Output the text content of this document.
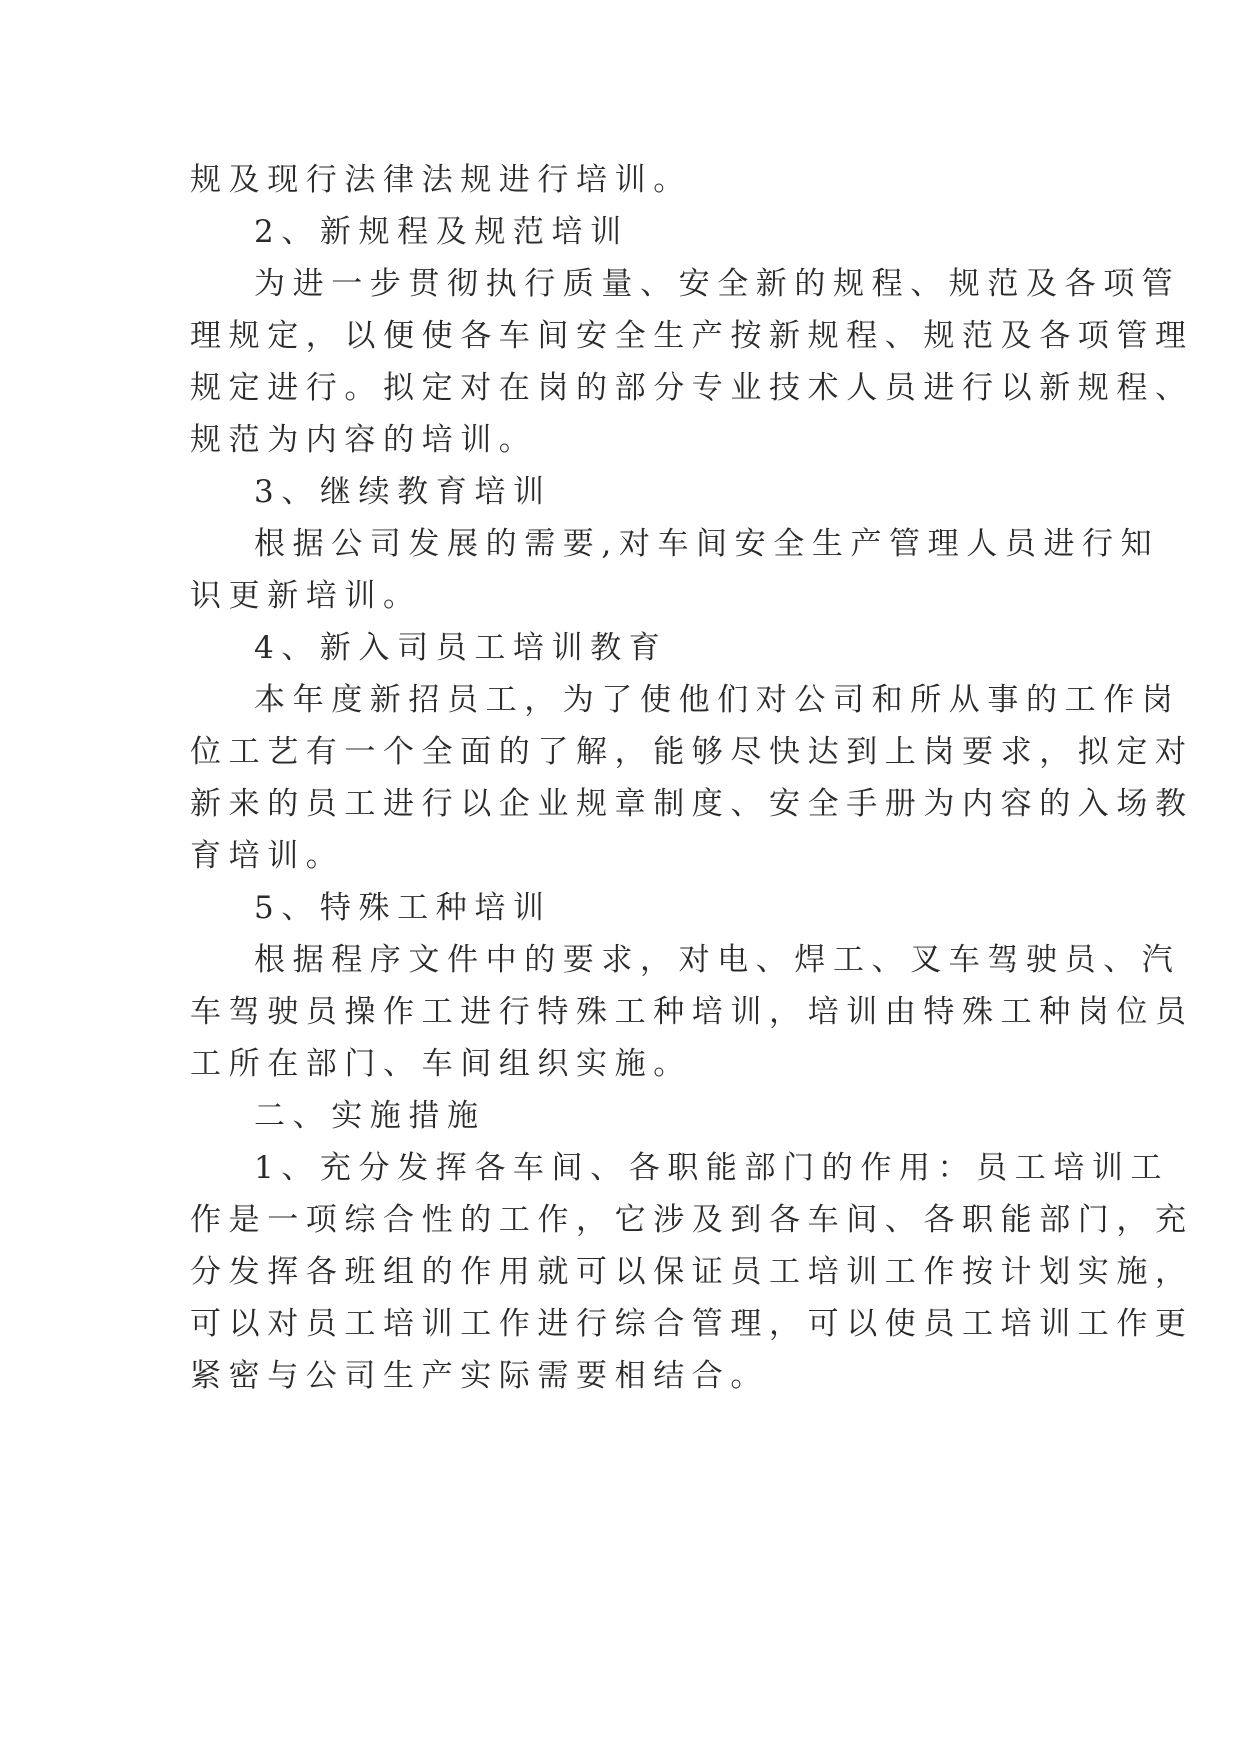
规及现行法律法规进行培训。
2、新规程及规范培训
为进一步贯彻执行质量、安全新的规程、规范及各项管
理规定，以便使各车间安全生产按新规程、规范及各项管理
规定进行。拟定对在岗的部分专业技术人员进行以新规程、
规范为内容的培训。
3、继续教育培训
根据公司发展的需要,对车间安全生产管理人员进行知
识更新培训。
4、新入司员工培训教育
本年度新招员工，为了使他们对公司和所从事的工作岗
位工艺有一个全面的了解，能够尽快达到上岗要求，拟定对
新来的员工进行以企业规章制度、安全手册为内容的入场教
育培训。
5、特殊工种培训
根据程序文件中的要求，对电、焊工、叉车驾驶员、汽
车驾驶员操作工进行特殊工种培训，培训由特殊工种岗位员
工所在部门、车间组织实施。
二、实施措施
1、充分发挥各车间、各职能部门的作用：员工培训工
作是一项综合性的工作，它涉及到各车间、各职能部门，充
分发挥各班组的作用就可以保证员工培训工作按计划实施，
可以对员工培训工作进行综合管理，可以使员工培训工作更
紧密与公司生产实际需要相结合。
